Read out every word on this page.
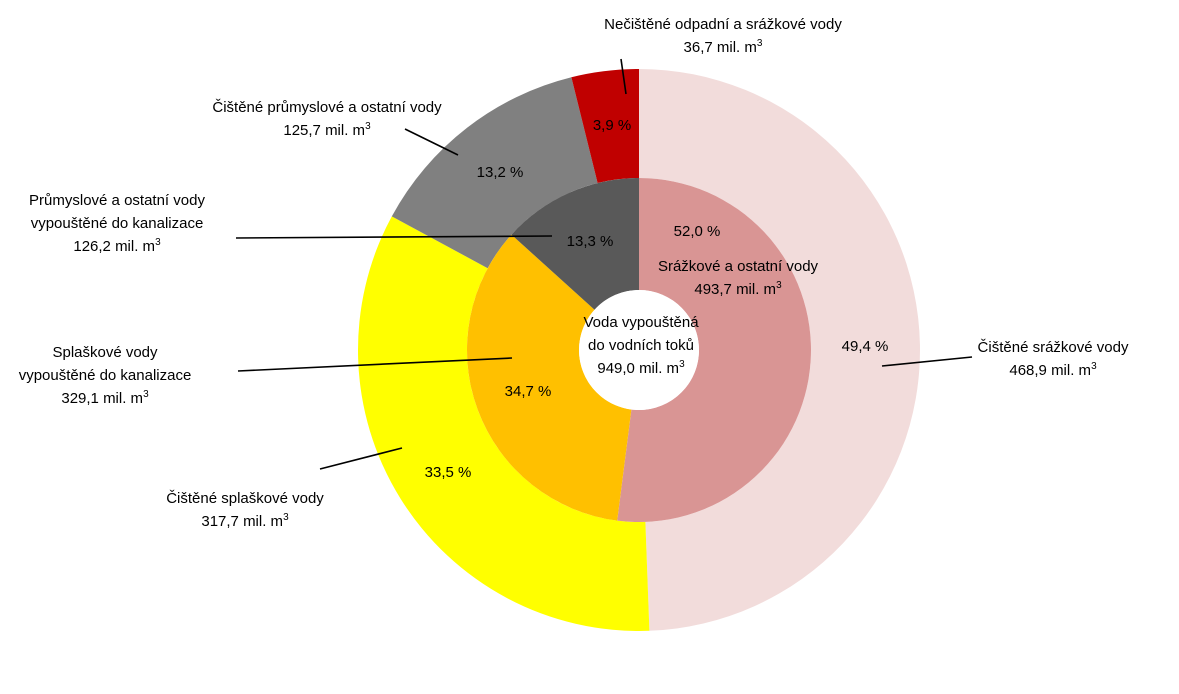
52,0 %
34,7 %
13,3 %
49,4 %
33,5 %
13,2 %
3,9 %
Srážkové a ostatní vody
493,7 mil. $m^3$
Nečištěné odpadní a srážkové vody
36,7 mil. $m^3$
Čištěné průmyslové a ostatní vody
125,7 mil. $m^3$
Průmyslové a ostatní vody
vypouštěné do kanalizace
126,2 mil. $m^3$
Splaškové vody
vypouštěné do kanalizace
329,1 mil. $m^3$
Čištěné splaškové vody
317,7 mil. $m^3$
Čištěné srážkové vody
468,9 mil. $m^3$
Voda vypouštěná
do vodních toků
949,0 mil. $m^3$
